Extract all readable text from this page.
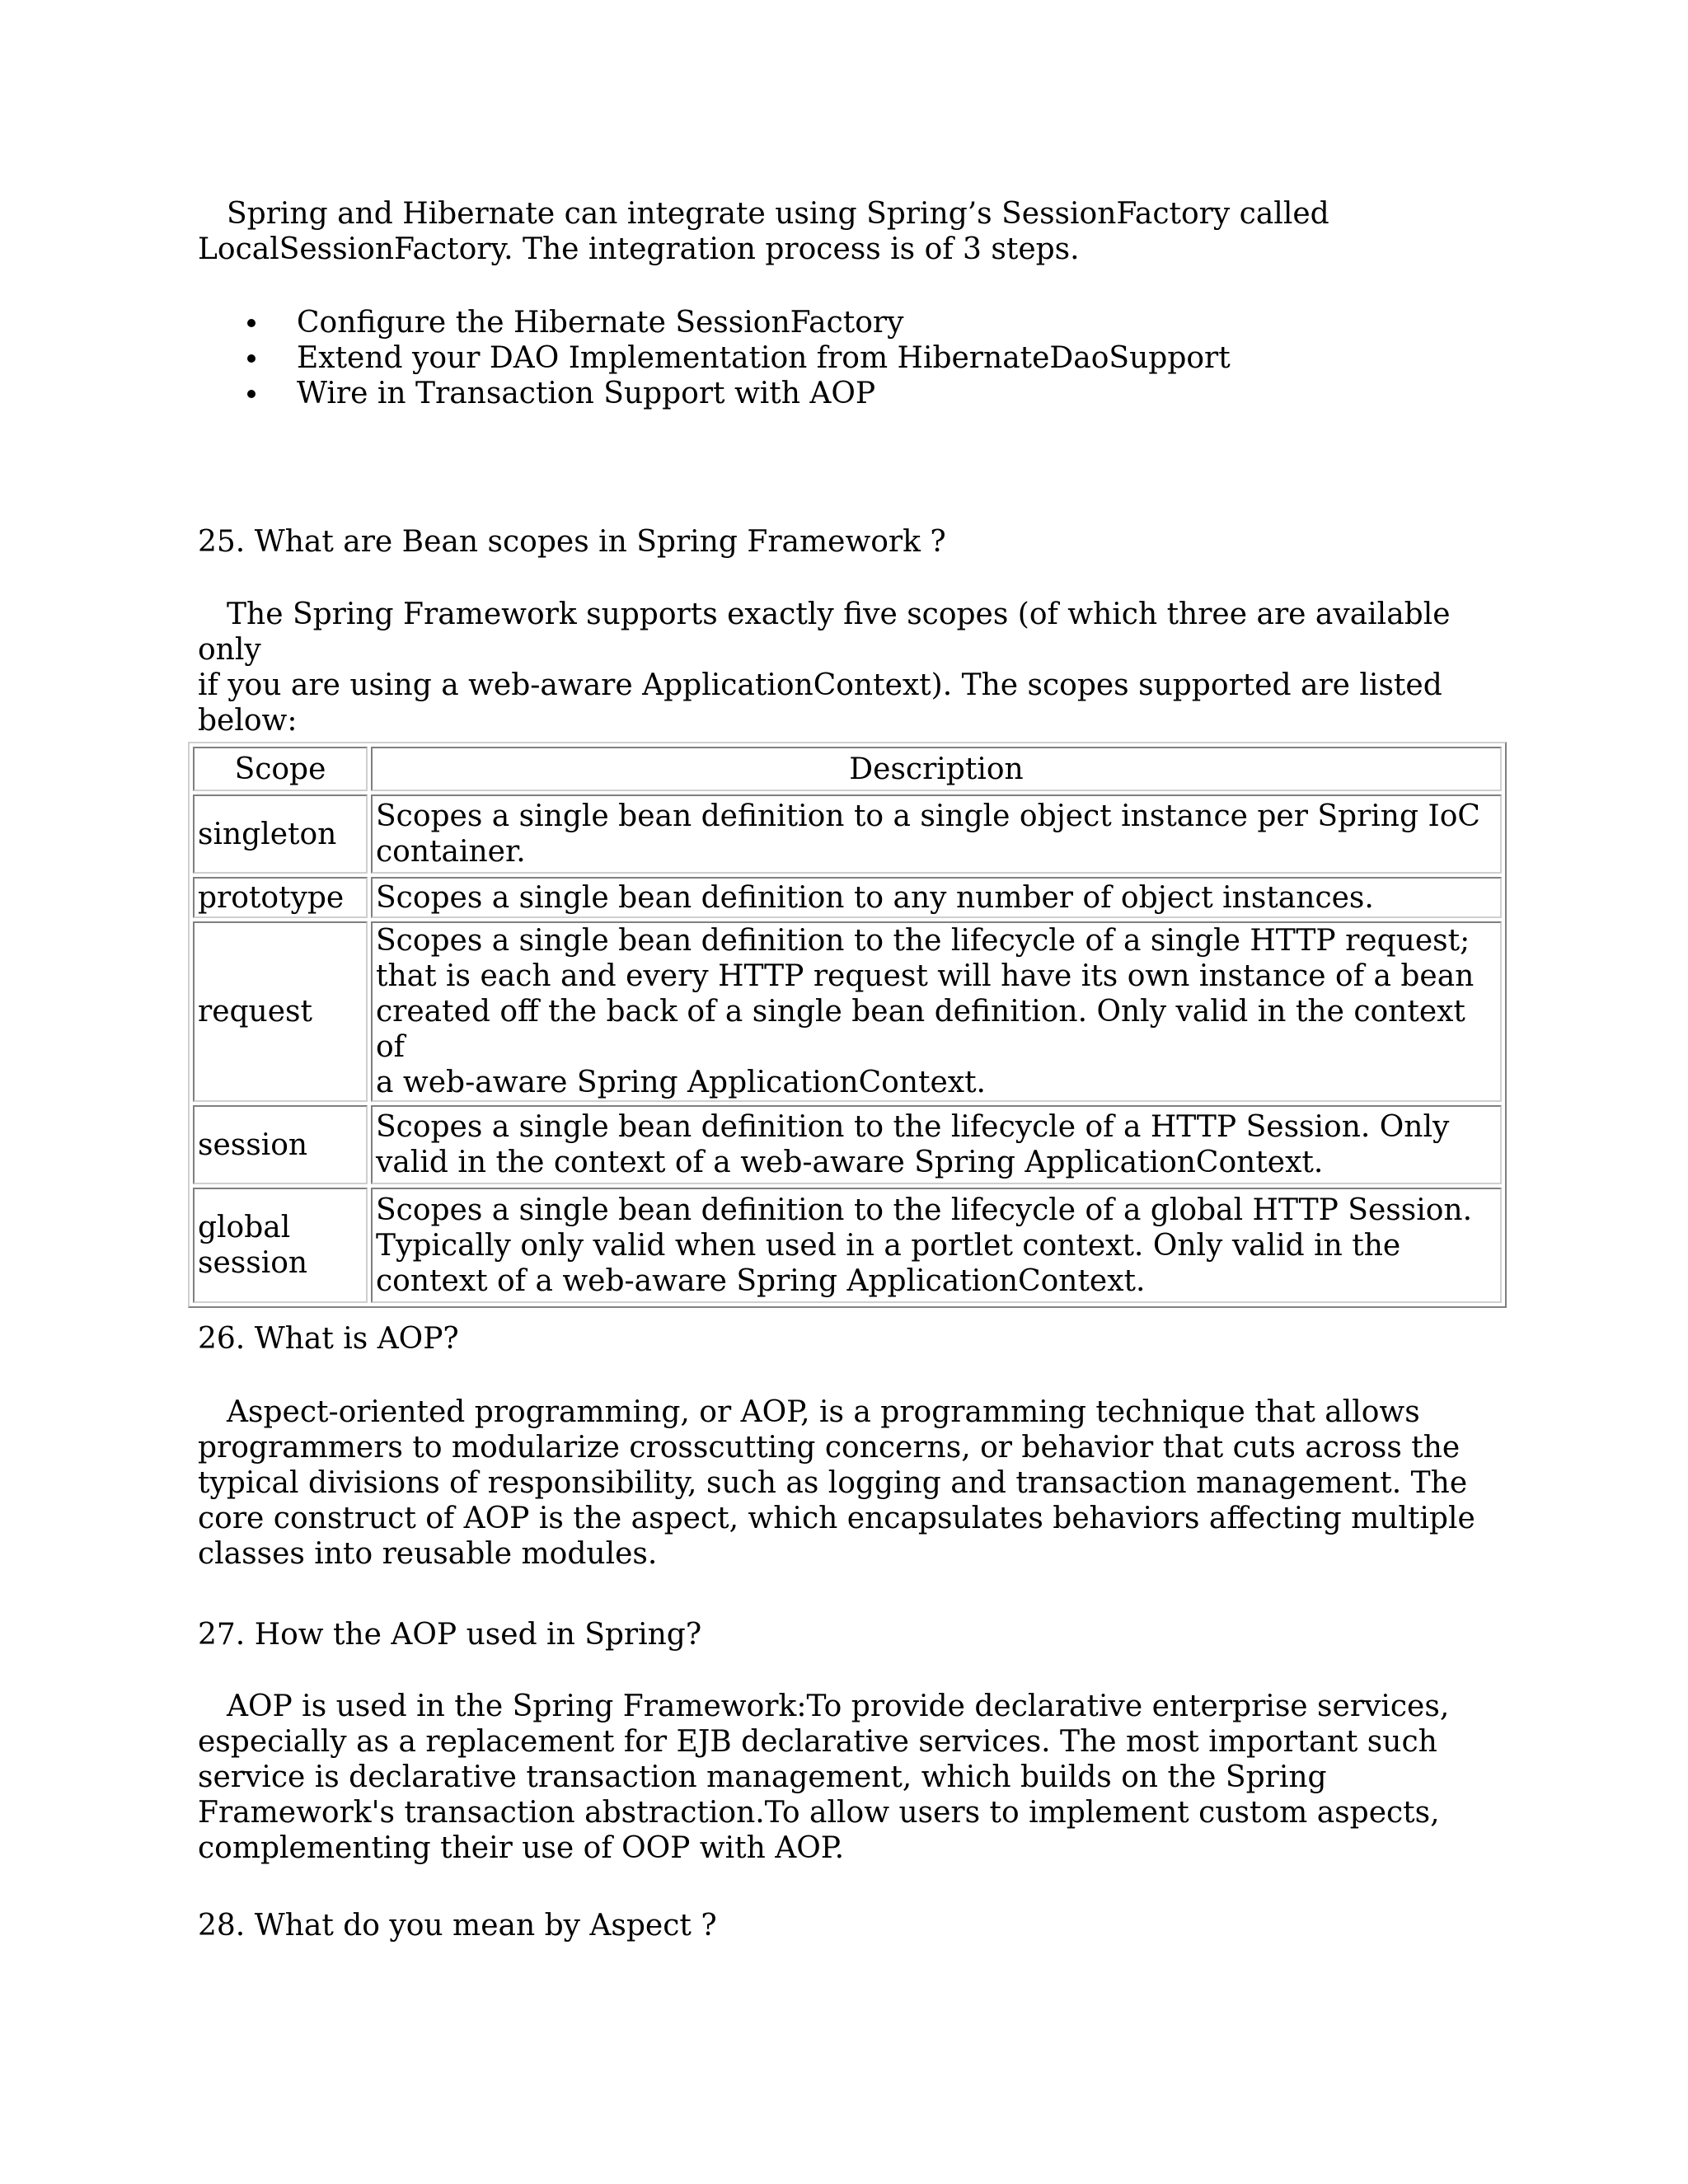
Spring and Hibernate can integrate using Spring’s SessionFactory called
LocalSessionFactory. The integration process is of 3 steps.

Configure the Hibernate SessionFactory
Extend your DAO Implementation from HibernateDaoSupport
Wire in Transaction Support with AOP

25. What are Bean scopes in Spring Framework ?

The Spring Framework supports exactly five scopes (of which three are available only
if you are using a web-aware ApplicationContext). The scopes supported are listed
below:

26. What is AOP?

Aspect-oriented programming, or AOP, is a programming technique that allows
programmers to modularize crosscutting concerns, or behavior that cuts across the
typical divisions of responsibility, such as logging and transaction management. The
core construct of AOP is the aspect, which encapsulates behaviors affecting multiple
classes into reusable modules.

27. How the AOP used in Spring?

AOP is used in the Spring Framework:To provide declarative enterprise services,
especially as a replacement for EJB declarative services. The most important such
service is declarative transaction management, which builds on the Spring
Framework's transaction abstraction.To allow users to implement custom aspects,
complementing their use of OOP with AOP.

28. What do you mean by Aspect ?

Scope	Description
singleton	Scopes a single bean definition to a single object instance per Spring IoC
container.
prototype	Scopes a single bean definition to any number of object instances.
request	Scopes a single bean definition to the lifecycle of a single HTTP request;
that is each and every HTTP request will have its own instance of a bean
created off the back of a single bean definition. Only valid in the context of
a web-aware Spring ApplicationContext.
session	Scopes a single bean definition to the lifecycle of a HTTP Session. Only
valid in the context of a web-aware Spring ApplicationContext.
global
session	Scopes a single bean definition to the lifecycle of a global HTTP Session.
Typically only valid when used in a portlet context. Only valid in the
context of a web-aware Spring ApplicationContext.
